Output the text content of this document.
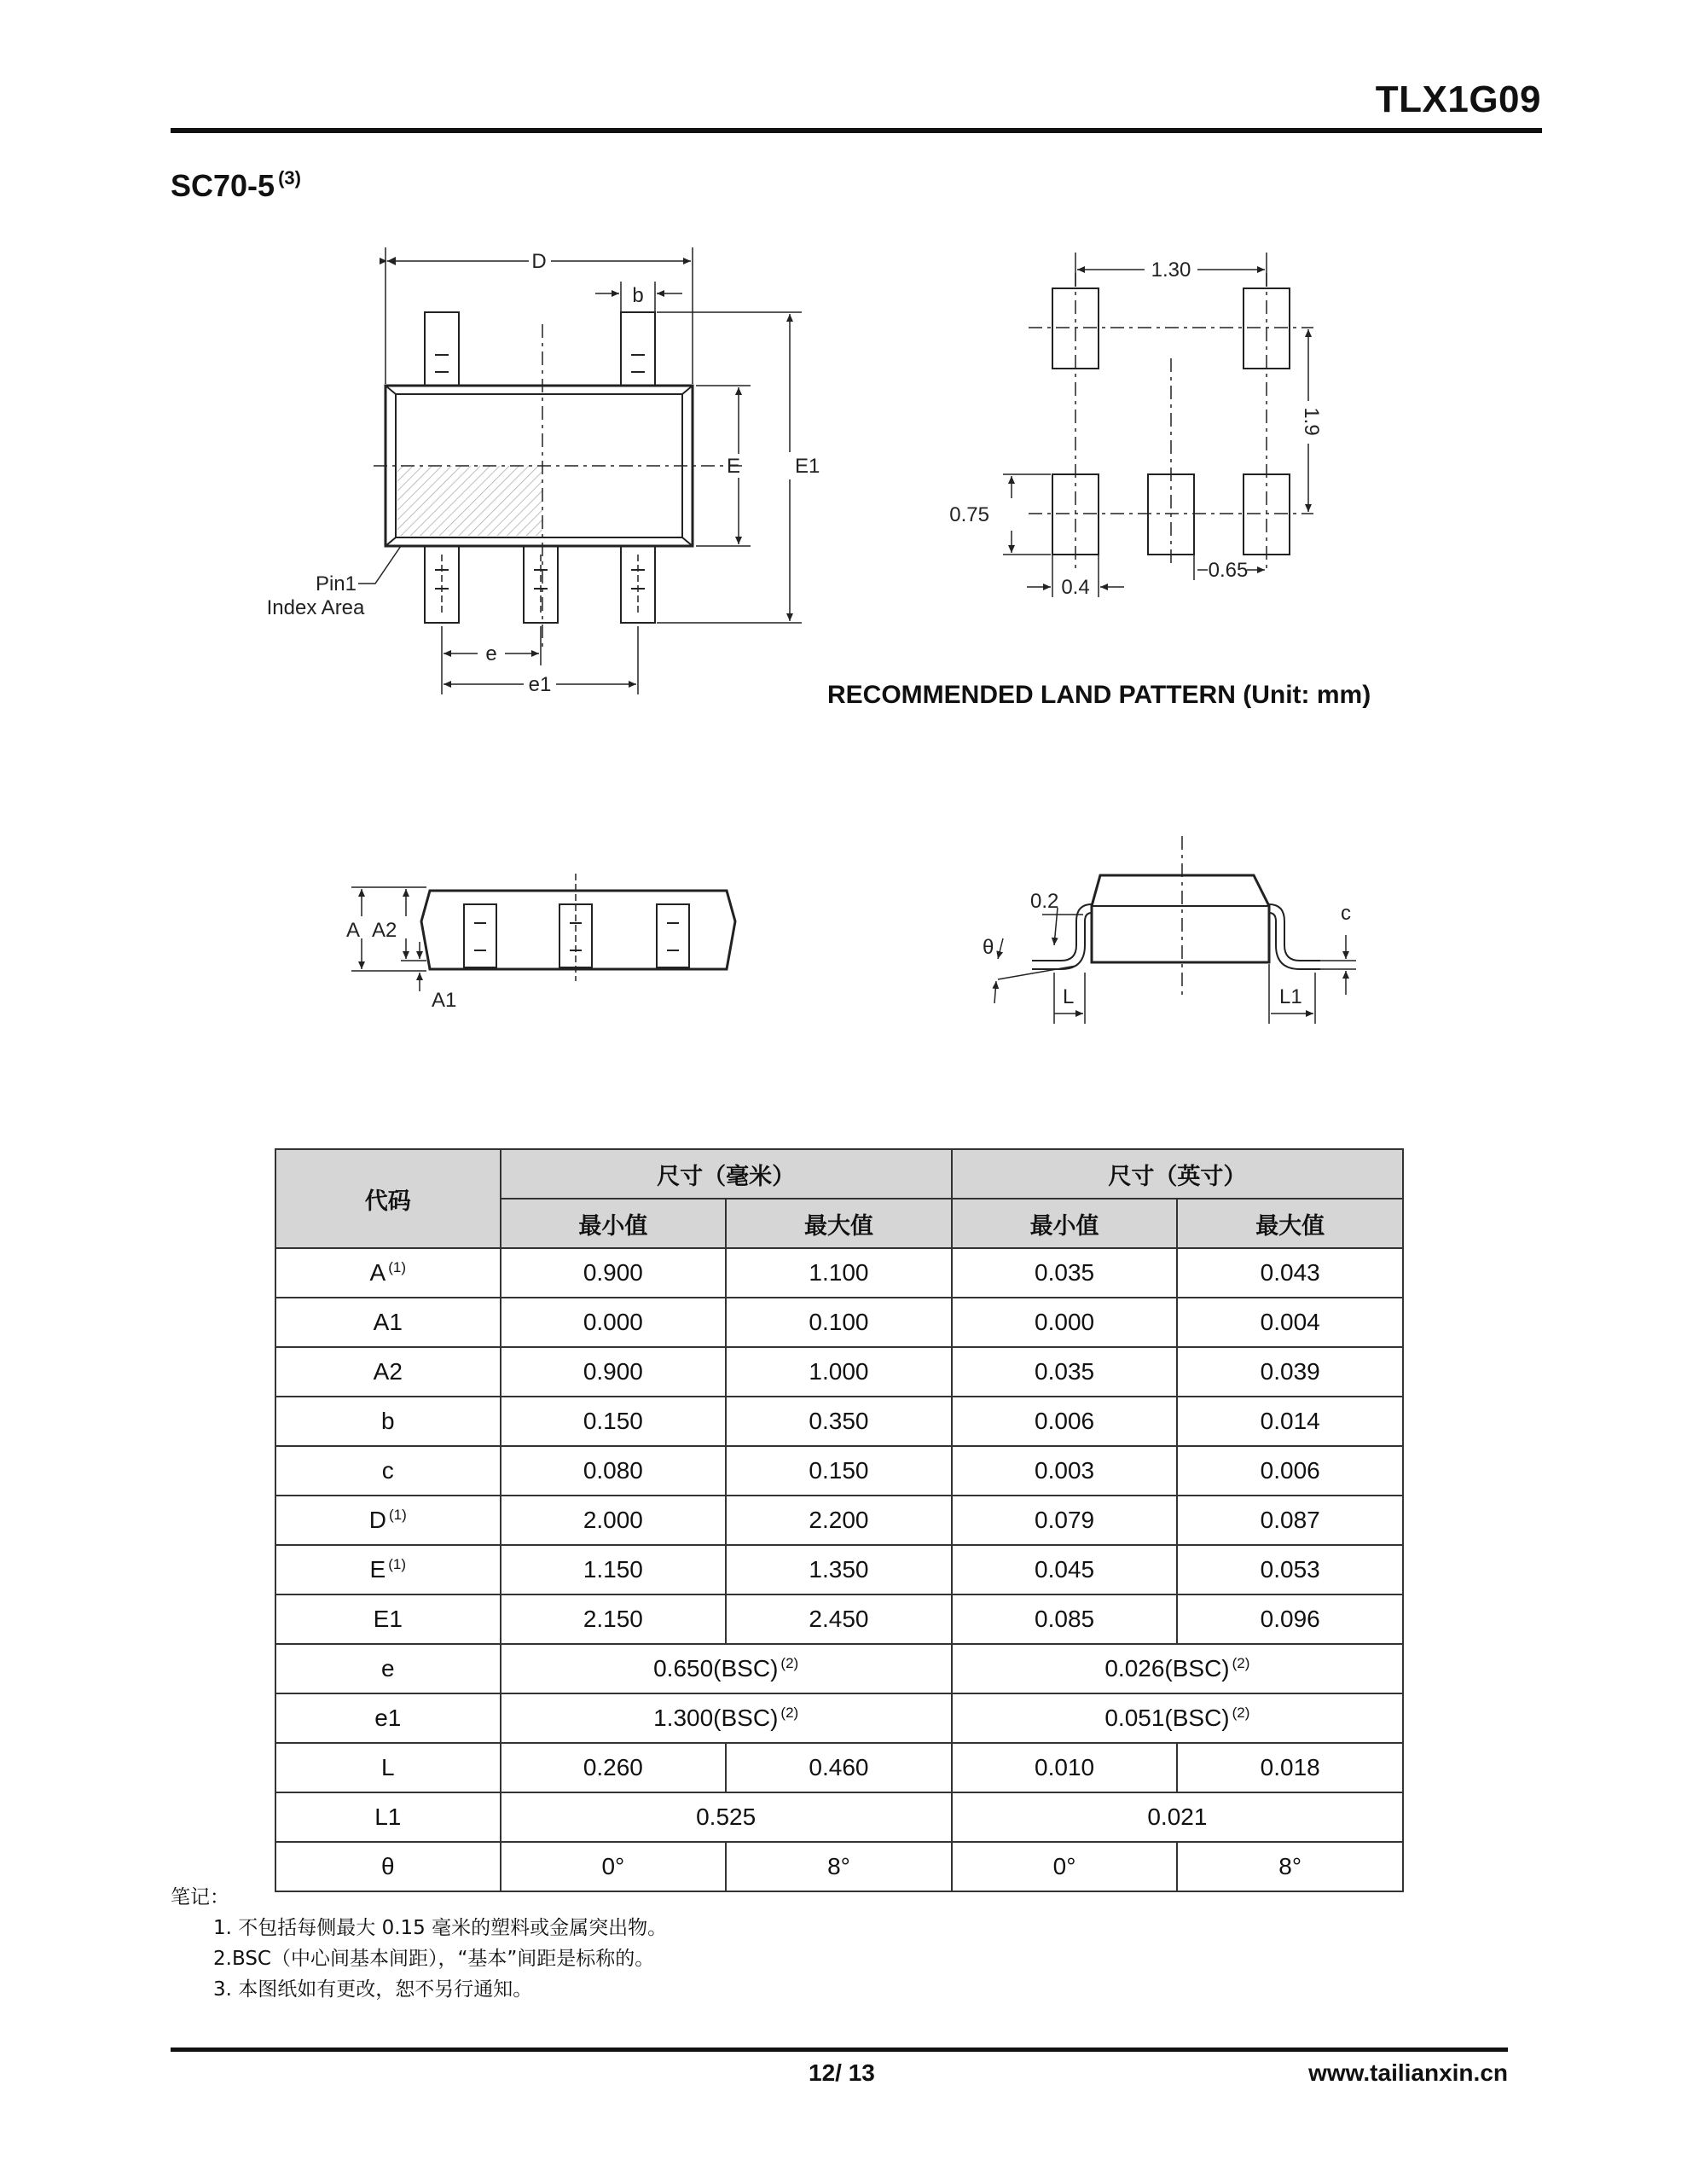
TLX1G09
SC70-5 $^{(3)}$
D
b
E	E1
e
e1
Pin1
Index Area
1.30
1.9
0.75
0.4
0.65
A A2
A1
0.2
θ
c
L	L1
RECOMMENDED LAND PATTERN (Unit: mm)
代码	尺寸（毫米）		尺寸（英寸）	
	最小值	最大值	最小值	最大值
A $^{(1)}$	0.900	1.100	0.035	0.043
A1	0.000	0.100	0.000	0.004
A2	0.900	1.000	0.035	0.039
b	0.150	0.350	0.006	0.014
c	0.080	0.150	0.003	0.006
D $^{(1)}$	2.000	2.200	0.079	0.087
E $^{(1)}$	1.150	1.350	0.045	0.053
E1	2.150	2.450	0.085	0.096
e	0.650(BSC) $^{(2)}$		0.026(BSC) $^{(2)}$
e1	1.300(BSC) $^{(2)}$		0.051(BSC) $^{(2)}$
L	0.260	0.460	0.010	0.018
L1	0.525		0.021	
θ	0°	8°	0°	8°
笔记：
1. 不包括每侧最大 0.15 毫米的塑料或金属突出物。
2.BSC（中心间基本间距），“基本”间距是标称的。
3. 本图纸如有更改，恕不另行通知。
12/ 13	www.tailianxin.cn
